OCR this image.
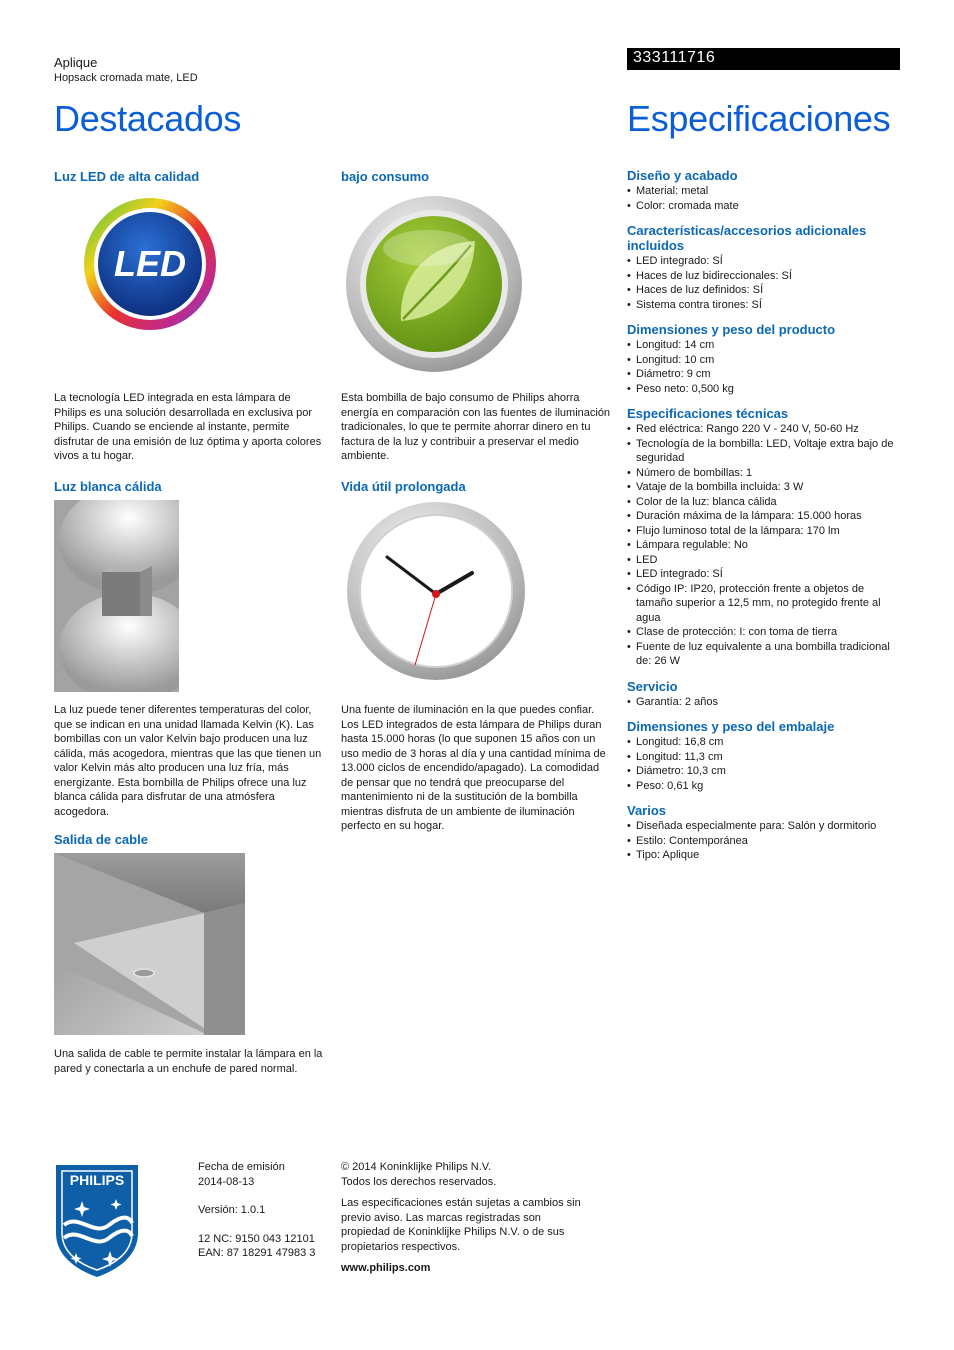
Aplique
Hopsack cromada mate, LED
333111716
Destacados	Especificaciones
Luz LED de alta calidad
LED
La tecnología LED integrada en esta lámpara de Philips es una solución desarrollada en exclusiva por Philips. Cuando se enciende al instante, permite disfrutar de una emisión de luz óptima y aporta colores vivos a tu hogar.
bajo consumo
Esta bombilla de bajo consumo de Philips ahorra energía en comparación con las fuentes de iluminación tradicionales, lo que te permite ahorrar dinero en tu factura de la luz y contribuir a preservar el medio ambiente.
Luz blanca cálida
La luz puede tener diferentes temperaturas del color, que se indican en una unidad llamada Kelvin (K). Las bombillas con un valor Kelvin bajo producen una luz cálida, más acogedora, mientras que las que tienen un valor Kelvin más alto producen una luz fría, más energizante. Esta bombilla de Philips ofrece una luz blanca cálida para disfrutar de una atmósfera acogedora.
Vida útil prolongada
Una fuente de iluminación en la que puedes confiar. Los LED integrados de esta lámpara de Philips duran hasta 15.000 horas (lo que suponen 15 años con un uso medio de 3 horas al día y una cantidad mínima de 13.000 ciclos de encendido/apagado). La comodidad de pensar que no tendrá que preocuparse del mantenimiento ni de la sustitución de la bombilla mientras disfruta de un ambiente de iluminación perfecto en su hogar.
Salida de cable
Una salida de cable te permite instalar la lámpara en la pared y conectarla a un enchufe de pared normal.
Diseño y acabado
• Material: metal
• Color: cromada mate
Características/accesorios adicionales incluidos
• LED integrado: SÍ
• Haces de luz bidireccionales: SÍ
• Haces de luz definidos: SÍ
• Sistema contra tirones: SÍ
Dimensiones y peso del producto
• Longitud: 14 cm
• Longitud: 10 cm
• Diámetro: 9 cm
• Peso neto: 0,500 kg
Especificaciones técnicas
• Red eléctrica: Rango 220 V - 240 V, 50-60 Hz
• Tecnología de la bombilla: LED, Voltaje extra bajo de seguridad
• Número de bombillas: 1
• Vataje de la bombilla incluida: 3 W
• Color de la luz: blanca cálida
• Duración máxima de la lámpara: 15.000 horas
• Flujo luminoso total de la lámpara: 170 lm
• Lámpara regulable: No
• LED
• LED integrado: SÍ
• Código IP: IP20, protección frente a objetos de tamaño superior a 12,5 mm, no protegido frente al agua
• Clase de protección: I: con toma de tierra
• Fuente de luz equivalente a una bombilla tradicional de: 26 W
Servicio
• Garantía: 2 años
Dimensiones y peso del embalaje
• Longitud: 16,8 cm
• Longitud: 11,3 cm
• Diámetro: 10,3 cm
• Peso: 0,61 kg
Varios
• Diseñada especialmente para: Salón y dormitorio
• Estilo: Contemporánea
• Tipo: Aplique
PHILIPS
Fecha de emisión
2014-08-13
Versión: 1.0.1
12 NC: 9150 043 12101
EAN: 87 18291 47983 3
© 2014 Koninklijke Philips N.V.
Todos los derechos reservados.
Las especificaciones están sujetas a cambios sin previo aviso. Las marcas registradas son propiedad de Koninklijke Philips N.V. o de sus propietarios respectivos.
www.philips.com
